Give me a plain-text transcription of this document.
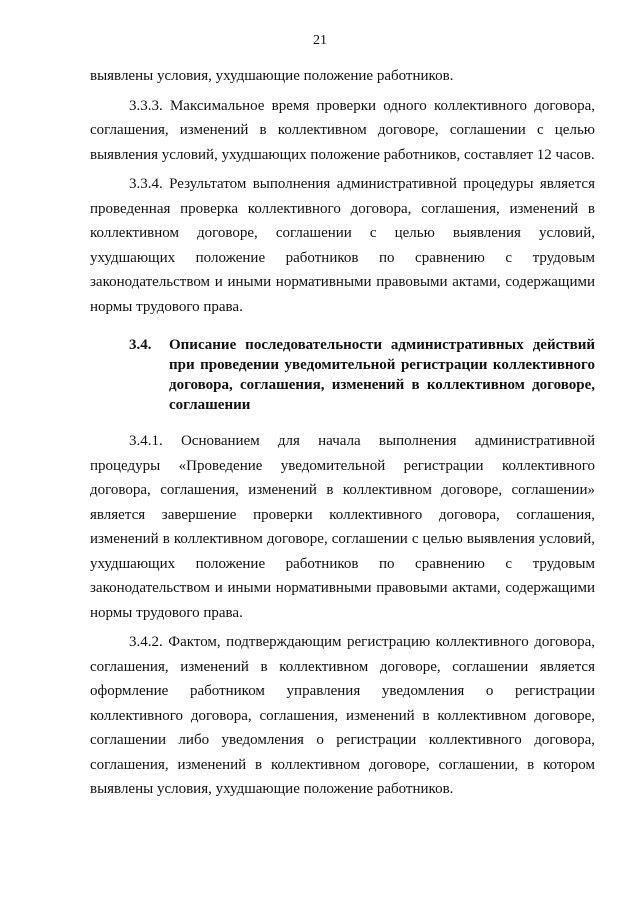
21

выявлены условия, ухудшающие положение работников.

3.3.3. Максимальное время проверки одного коллективного договора, соглашения, изменений в коллективном договоре, соглашении с целью выявления условий, ухудшающих положение работников, составляет 12 часов.

3.3.4. Результатом выполнения административной процедуры является проведенная проверка коллективного договора, соглашения, изменений в коллективном договоре, соглашении с целью выявления условий, ухудшающих положение работников по сравнению с трудовым законодательством и иными нормативными правовыми актами, содержащими нормы трудового права.

3.4.	Описание последовательности административных действий при проведении уведомительной регистрации коллективного договора, соглашения, изменений в коллективном договоре, соглашении

3.4.1. Основанием для начала выполнения административной процедуры «Проведение уведомительной регистрации коллективного договора, соглашения, изменений в коллективном договоре, соглашении» является завершение проверки коллективного договора, соглашения, изменений в коллективном договоре, соглашении с целью выявления условий, ухудшающих положение работников по сравнению с трудовым законодательством и иными нормативными правовыми актами, содержащими нормы трудового права.

3.4.2. Фактом, подтверждающим регистрацию коллективного договора, соглашения, изменений в коллективном договоре, соглашении является оформление работником управления уведомления о регистрации коллективного договора, соглашения, изменений в коллективном договоре, соглашении либо уведомления о регистрации коллективного договора, соглашения, изменений в коллективном договоре, соглашении, в котором выявлены условия, ухудшающие положение работников.
